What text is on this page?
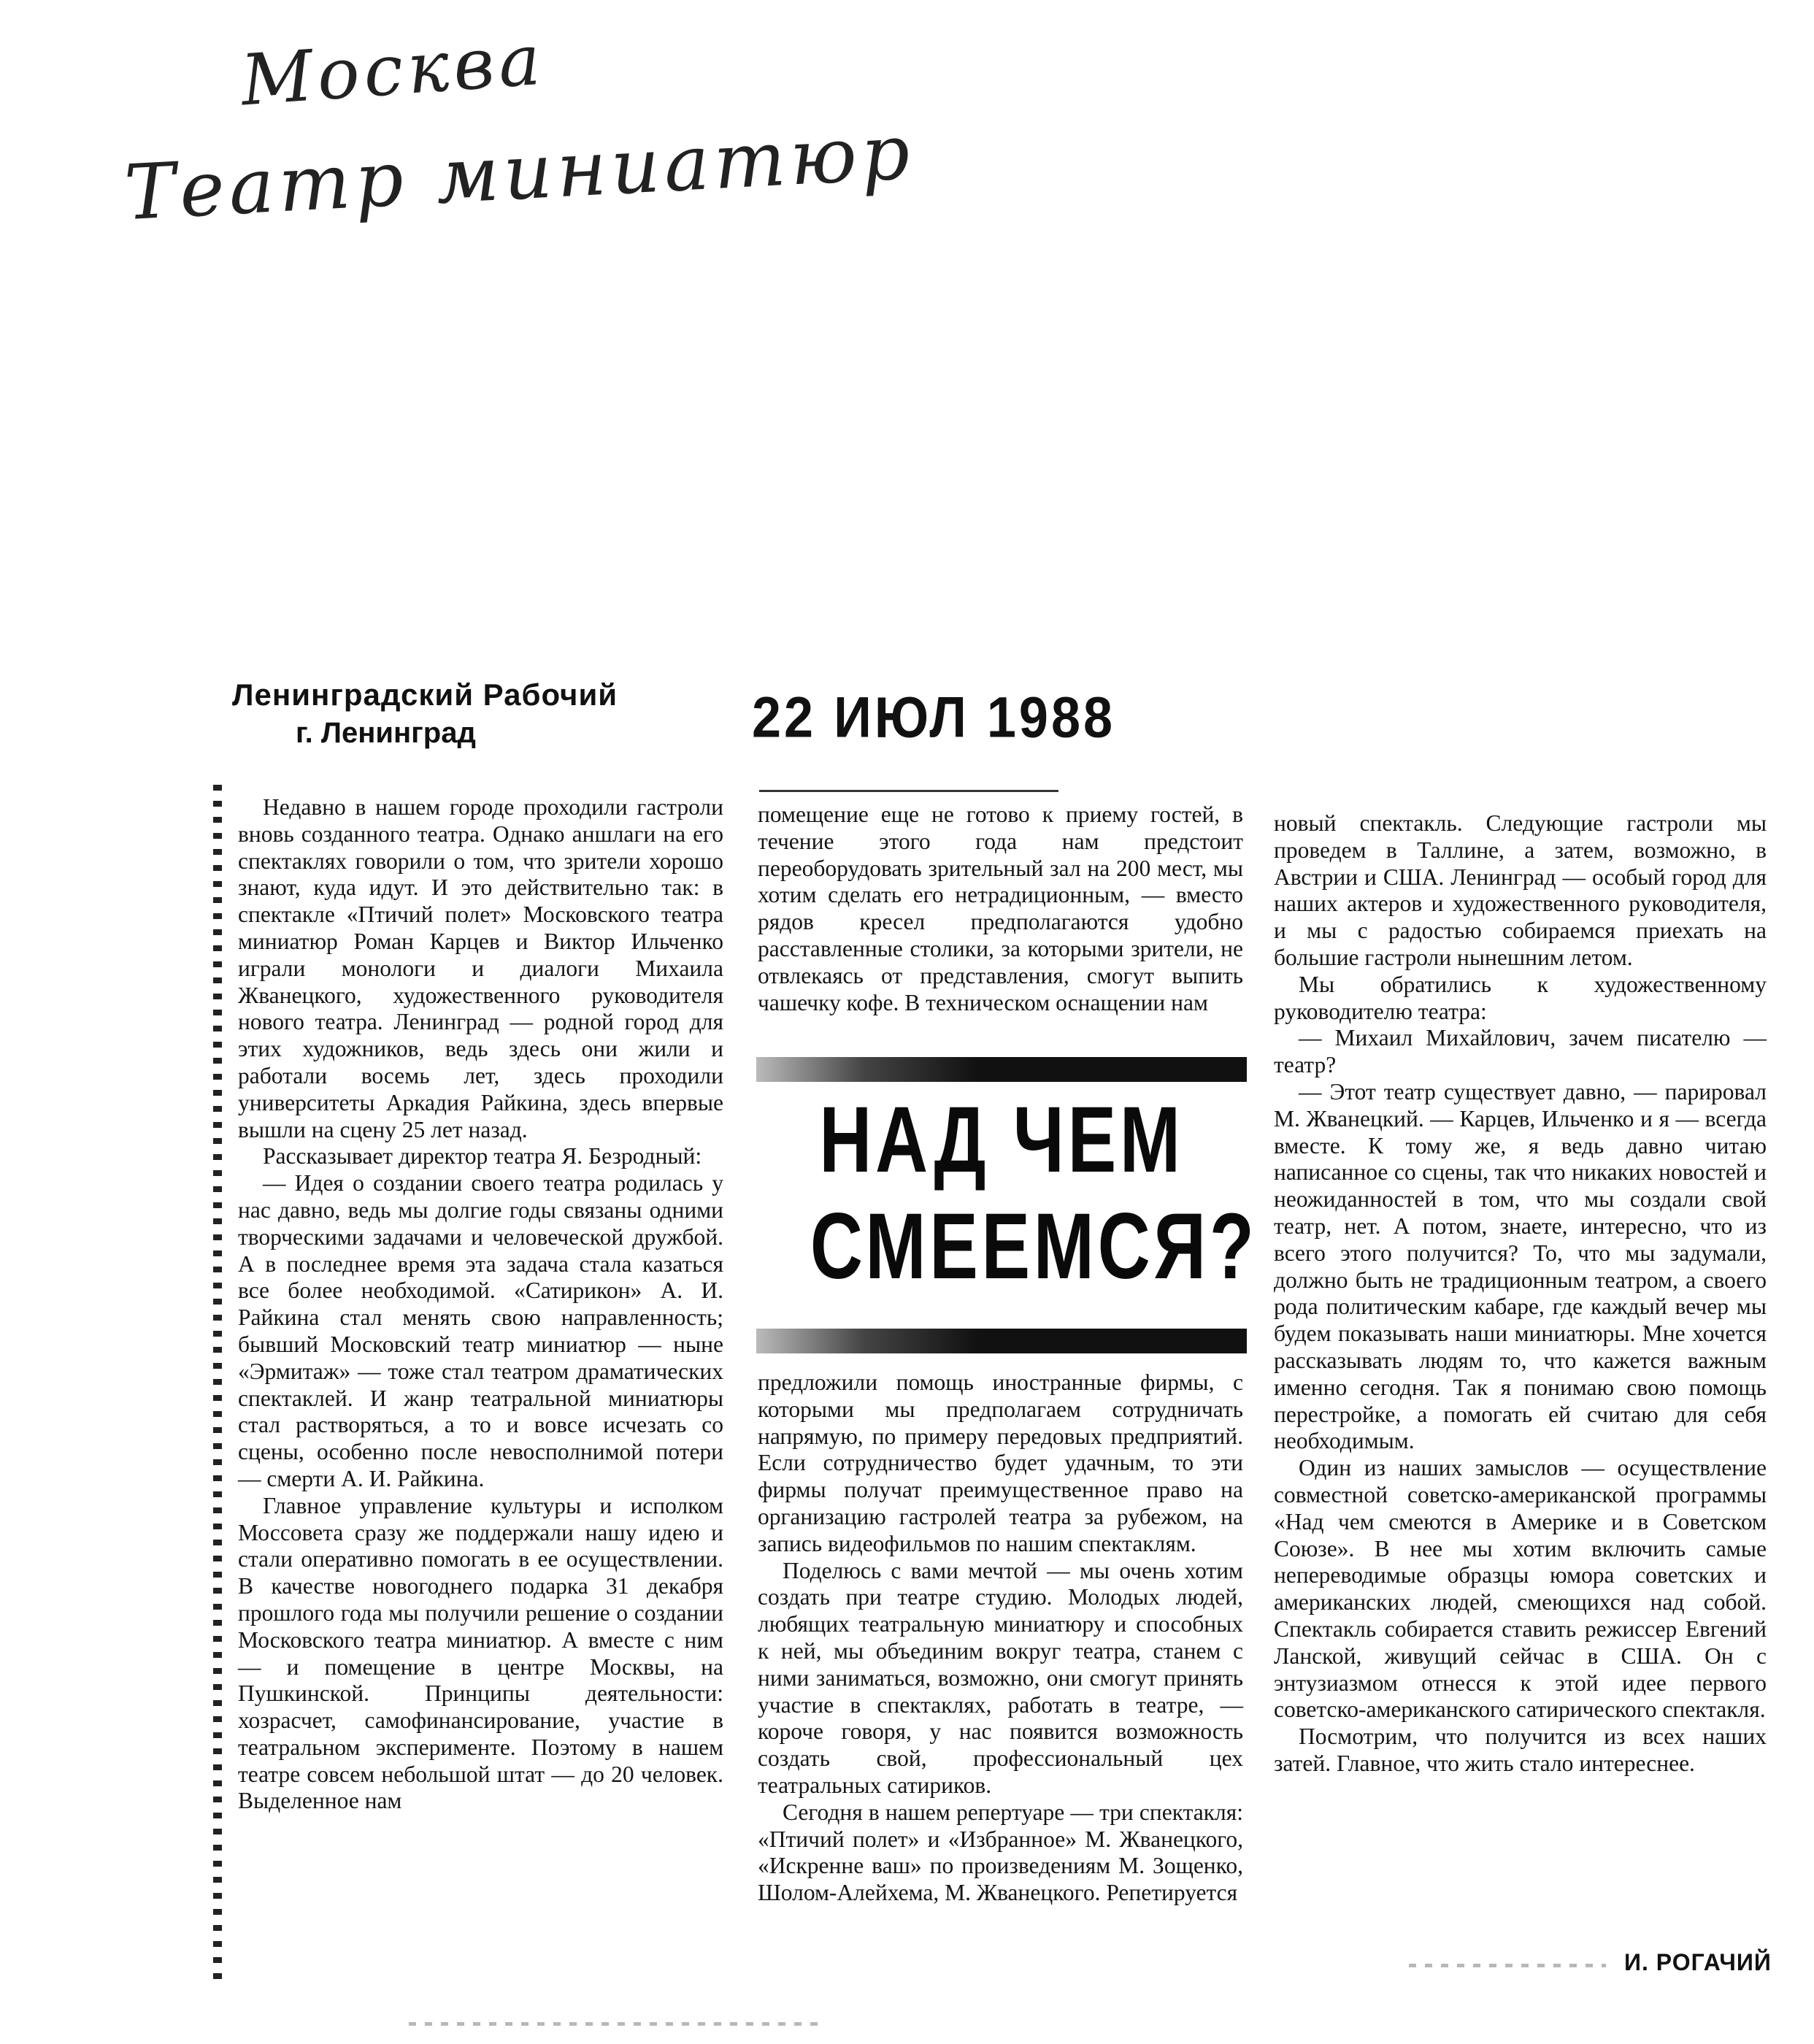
Москва
Театр миниатюр
Ленинградский Рабочий
г. Ленинград	22 ИЮЛ 1988

Недавно в нашем городе проходили гастроли вновь созданного театра. Однако аншлаги на его спектаклях говорили о том, что зрители хорошо знают, куда идут. И это действительно так: в спектакле «Птичий полет» Московского театра миниатюр Роман Карцев и Виктор Ильченко играли монологи и диалоги Михаила Жванецкого, художественного руководителя нового театра. Ленинград — родной город для этих художников, ведь здесь они жили и работали восемь лет, здесь проходили университеты Аркадия Райкина, здесь впервые вышли на сцену 25 лет назад.

Рассказывает директор театра Я. Безродный:

— Идея о создании своего театра родилась у нас давно, ведь мы долгие годы связаны одними творческими задачами и человеческой дружбой. А в последнее время эта задача стала казаться все более необходимой. «Сатирикон» А. И. Райкина стал менять свою направленность; бывший Московский театр миниатюр — ныне «Эрмитаж» — тоже стал театром драматических спектаклей. И жанр театральной миниатюры стал растворяться, а то и вовсе исчезать со сцены, особенно после невосполнимой потери — смерти А. И. Райкина.

Главное управление культуры и исполком Моссовета сразу же поддержали нашу идею и стали оперативно помогать в ее осуществлении. В качестве новогоднего подарка 31 декабря прошлого года мы получили решение о создании Московского театра миниатюр. А вместе с ним — и помещение в центре Москвы, на Пушкинской. Принципы деятельности: хозрасчет, самофинансирование, участие в театральном эксперименте. Поэтому в нашем театре совсем небольшой штат — до 20 человек. Выделенное нам

помещение еще не готово к приему гостей, в течение этого года нам предстоит переоборудовать зрительный зал на 200 мест, мы хотим сделать его нетрадиционным, — вместо рядов кресел предполагаются удобно расставленные столики, за которыми зрители, не отвлекаясь от представления, смогут выпить чашечку кофе. В техническом оснащении нам

НАД ЧЕМ
СМЕЕМСЯ?

предложили помощь иностранные фирмы, с которыми мы предполагаем сотрудничать напрямую, по примеру передовых предприятий. Если сотрудничество будет удачным, то эти фирмы получат преимущественное право на организацию гастролей театра за рубежом, на запись видеофильмов по нашим спектаклям.

Поделюсь с вами мечтой — мы очень хотим создать при театре студию. Молодых людей, любящих театральную миниатюру и способных к ней, мы объединим вокруг театра, станем с ними заниматься, возможно, они смогут принять участие в спектаклях, работать в театре, — короче говоря, у нас появится возможность создать свой, профессиональный цех театральных сатириков.

Сегодня в нашем репертуаре — три спектакля: «Птичий полет» и «Избранное» М. Жванецкого, «Искренне ваш» по произведениям М. Зощенко, Шолом-Алейхема, М. Жванецкого. Репетируется

новый спектакль. Следующие гастроли мы проведем в Таллине, а затем, возможно, в Австрии и США. Ленинград — особый город для наших актеров и художественного руководителя, и мы с радостью собираемся приехать на большие гастроли нынешним летом.

Мы обратились к художественному руководителю театра:

— Михаил Михайлович, зачем писателю — театр?

— Этот театр существует давно, — парировал М. Жванецкий. — Карцев, Ильченко и я — всегда вместе. К тому же, я ведь давно читаю написанное со сцены, так что никаких новостей и неожиданностей в том, что мы создали свой театр, нет. А потом, знаете, интересно, что из всего этого получится? То, что мы задумали, должно быть не традиционным театром, а своего рода политическим кабаре, где каждый вечер мы будем показывать наши миниатюры. Мне хочется рассказывать людям то, что кажется важным именно сегодня. Так я понимаю свою помощь перестройке, а помогать ей считаю для себя необходимым.

Один из наших замыслов — осуществление совместной советско-американской программы «Над чем смеются в Америке и в Советском Союзе». В нее мы хотим включить самые непереводимые образцы юмора советских и американских людей, смеющихся над собой. Спектакль собирается ставить режиссер Евгений Ланской, живущий сейчас в США. Он с энтузиазмом отнесся к этой идее первого советско-американского сатирического спектакля.

Посмотрим, что получится из всех наших затей. Главное, что жить стало интереснее.

И. РОГАЧИЙ
